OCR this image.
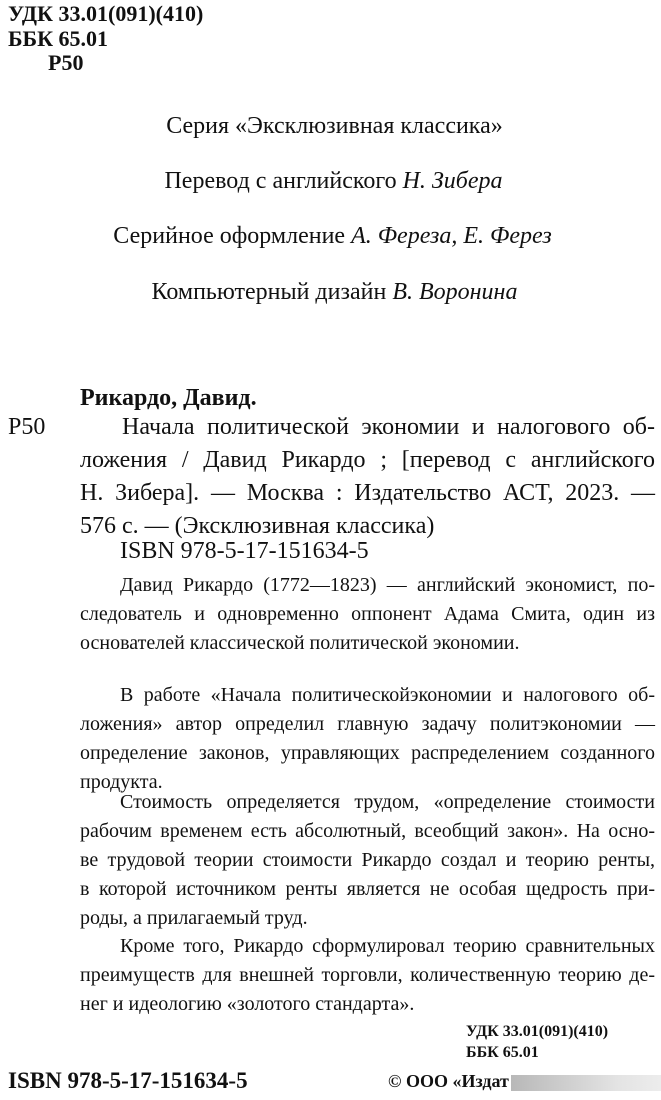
УДК 33.01(091)(410)
ББК 65.01
Р50
Серия «Эксклюзивная классика»
Перевод с английского Н. Зибера
Серийное оформление А. Фереза, Е. Ферез
Компьютерный дизайн В. Воронина
Рикардо, Давид.
Р50	Начала политической экономии и налогового об-
ложения / Давид Рикардо ; [перевод с английского
Н. Зибера]. — Москва : Издательство АСТ, 2023. —
576 с. — (Эксклюзивная классика)
ISBN 978-5-17-151634-5
Давид Рикардо (1772—1823) — английский экономист, по-
следователь и одновременно оппонент Адама Смита, один из
основателей классической политической экономии.
В работе «Начала политическойэкономии и налогового об-
ложения» автор определил главную задачу политэкономии —
определение законов, управляющих распределением созданного
продукта.
Стоимость определяется трудом, «определение стоимости
рабочим временем есть абсолютный, всеобщий закон». На осно-
ве трудовой теории стоимости Рикардо создал и теорию ренты,
в которой источником ренты является не особая щедрость при-
роды, а прилагаемый труд.
Кроме того, Рикардо сформулировал теорию сравнительных
преимуществ для внешней торговли, количественную теорию де-
нег и идеологию «золотого стандарта».
УДК 33.01(091)(410)
ББК 65.01
ISBN 978-5-17-151634-5	© ООО «Издат
